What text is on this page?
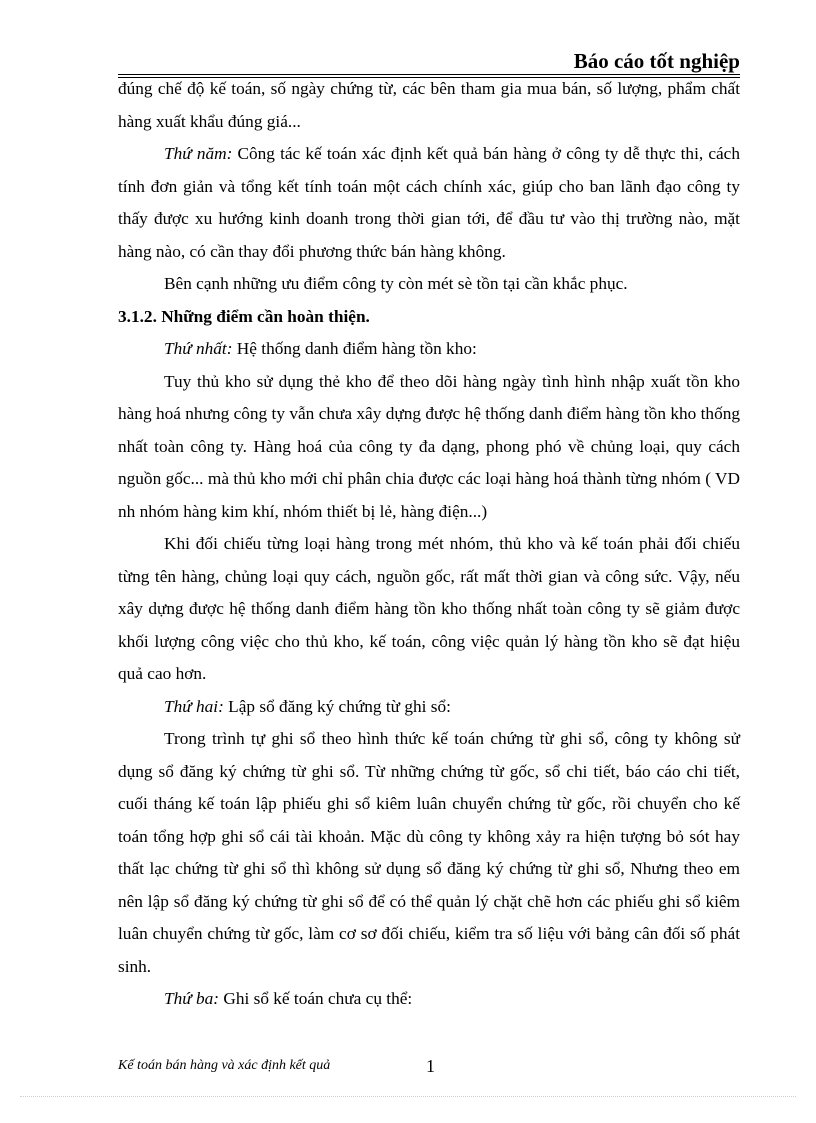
Báo cáo tốt nghiệp

đúng chế độ kế toán, số ngày chứng từ, các bên tham gia mua bán, số lượng, phẩm chất hàng xuất khẩu đúng giá...

Thứ năm: Công tác kế toán xác định kết quả bán hàng ở công ty dễ thực thi, cách tính đơn giản và tổng kết tính toán một cách chính xác, giúp cho ban lãnh đạo công ty thấy được xu hướng kinh doanh trong thời gian tới, để đầu tư vào thị trường nào, mặt hàng nào, có cần thay đổi phương thức bán hàng không.

Bên cạnh những ưu điểm công ty còn mét sè tồn tại cần khắc phục.

3.1.2. Những điểm cần hoàn thiện.

Thứ nhất: Hệ thống danh điểm hàng tồn kho:

Tuy thủ kho sử dụng thẻ kho để theo dõi hàng ngày tình hình nhập xuất tồn kho hàng hoá nhưng công ty vẫn chưa xây dựng được hệ thống danh điểm hàng tồn kho thống nhất toàn công ty. Hàng hoá của công ty đa dạng, phong phó về chủng loại, quy cách nguồn gốc... mà thủ kho mới chỉ phân chia được các loại hàng hoá thành từng nhóm ( VD nh nhóm hàng kim khí, nhóm thiết bị lẻ, hàng điện...)

Khi đối chiếu từng loại hàng trong mét nhóm, thủ kho và kế toán phải đối chiếu từng tên hàng, chủng loại quy cách, nguồn gốc, rất mất thời gian và công sức. Vậy, nếu xây dựng được hệ thống danh điểm hàng tồn kho thống nhất toàn công ty sẽ giảm được khối lượng công việc cho thủ kho, kế toán, công việc quản lý hàng tồn kho sẽ đạt hiệu quả cao hơn.

Thứ hai: Lập sổ đăng ký chứng từ ghi sổ:

Trong trình tự ghi sổ theo hình thức kế toán chứng từ ghi sổ, công ty không sử dụng sổ đăng ký chứng từ ghi sổ. Từ những chứng từ gốc, sổ chi tiết, báo cáo chi tiết, cuối tháng kế toán lập phiếu ghi sổ kiêm luân chuyển chứng từ gốc, rồi chuyển cho kế toán tổng hợp ghi sổ cái tài khoản. Mặc dù công ty không xảy ra hiện tượng bỏ sót hay thất lạc chứng từ ghi sổ thì không sử dụng sổ đăng ký chứng từ ghi sổ, Nhưng theo em nên lập sổ đăng ký chứng từ ghi sổ để có thể quản lý chặt chẽ hơn các phiếu ghi sổ kiêm luân chuyển chứng từ gốc, làm cơ sơ đối chiếu, kiểm tra số liệu với bảng cân đối số phát sinh.

Thứ ba: Ghi sổ kế toán chưa cụ thể:

Kế toán bán hàng và xác định kết quả	1
